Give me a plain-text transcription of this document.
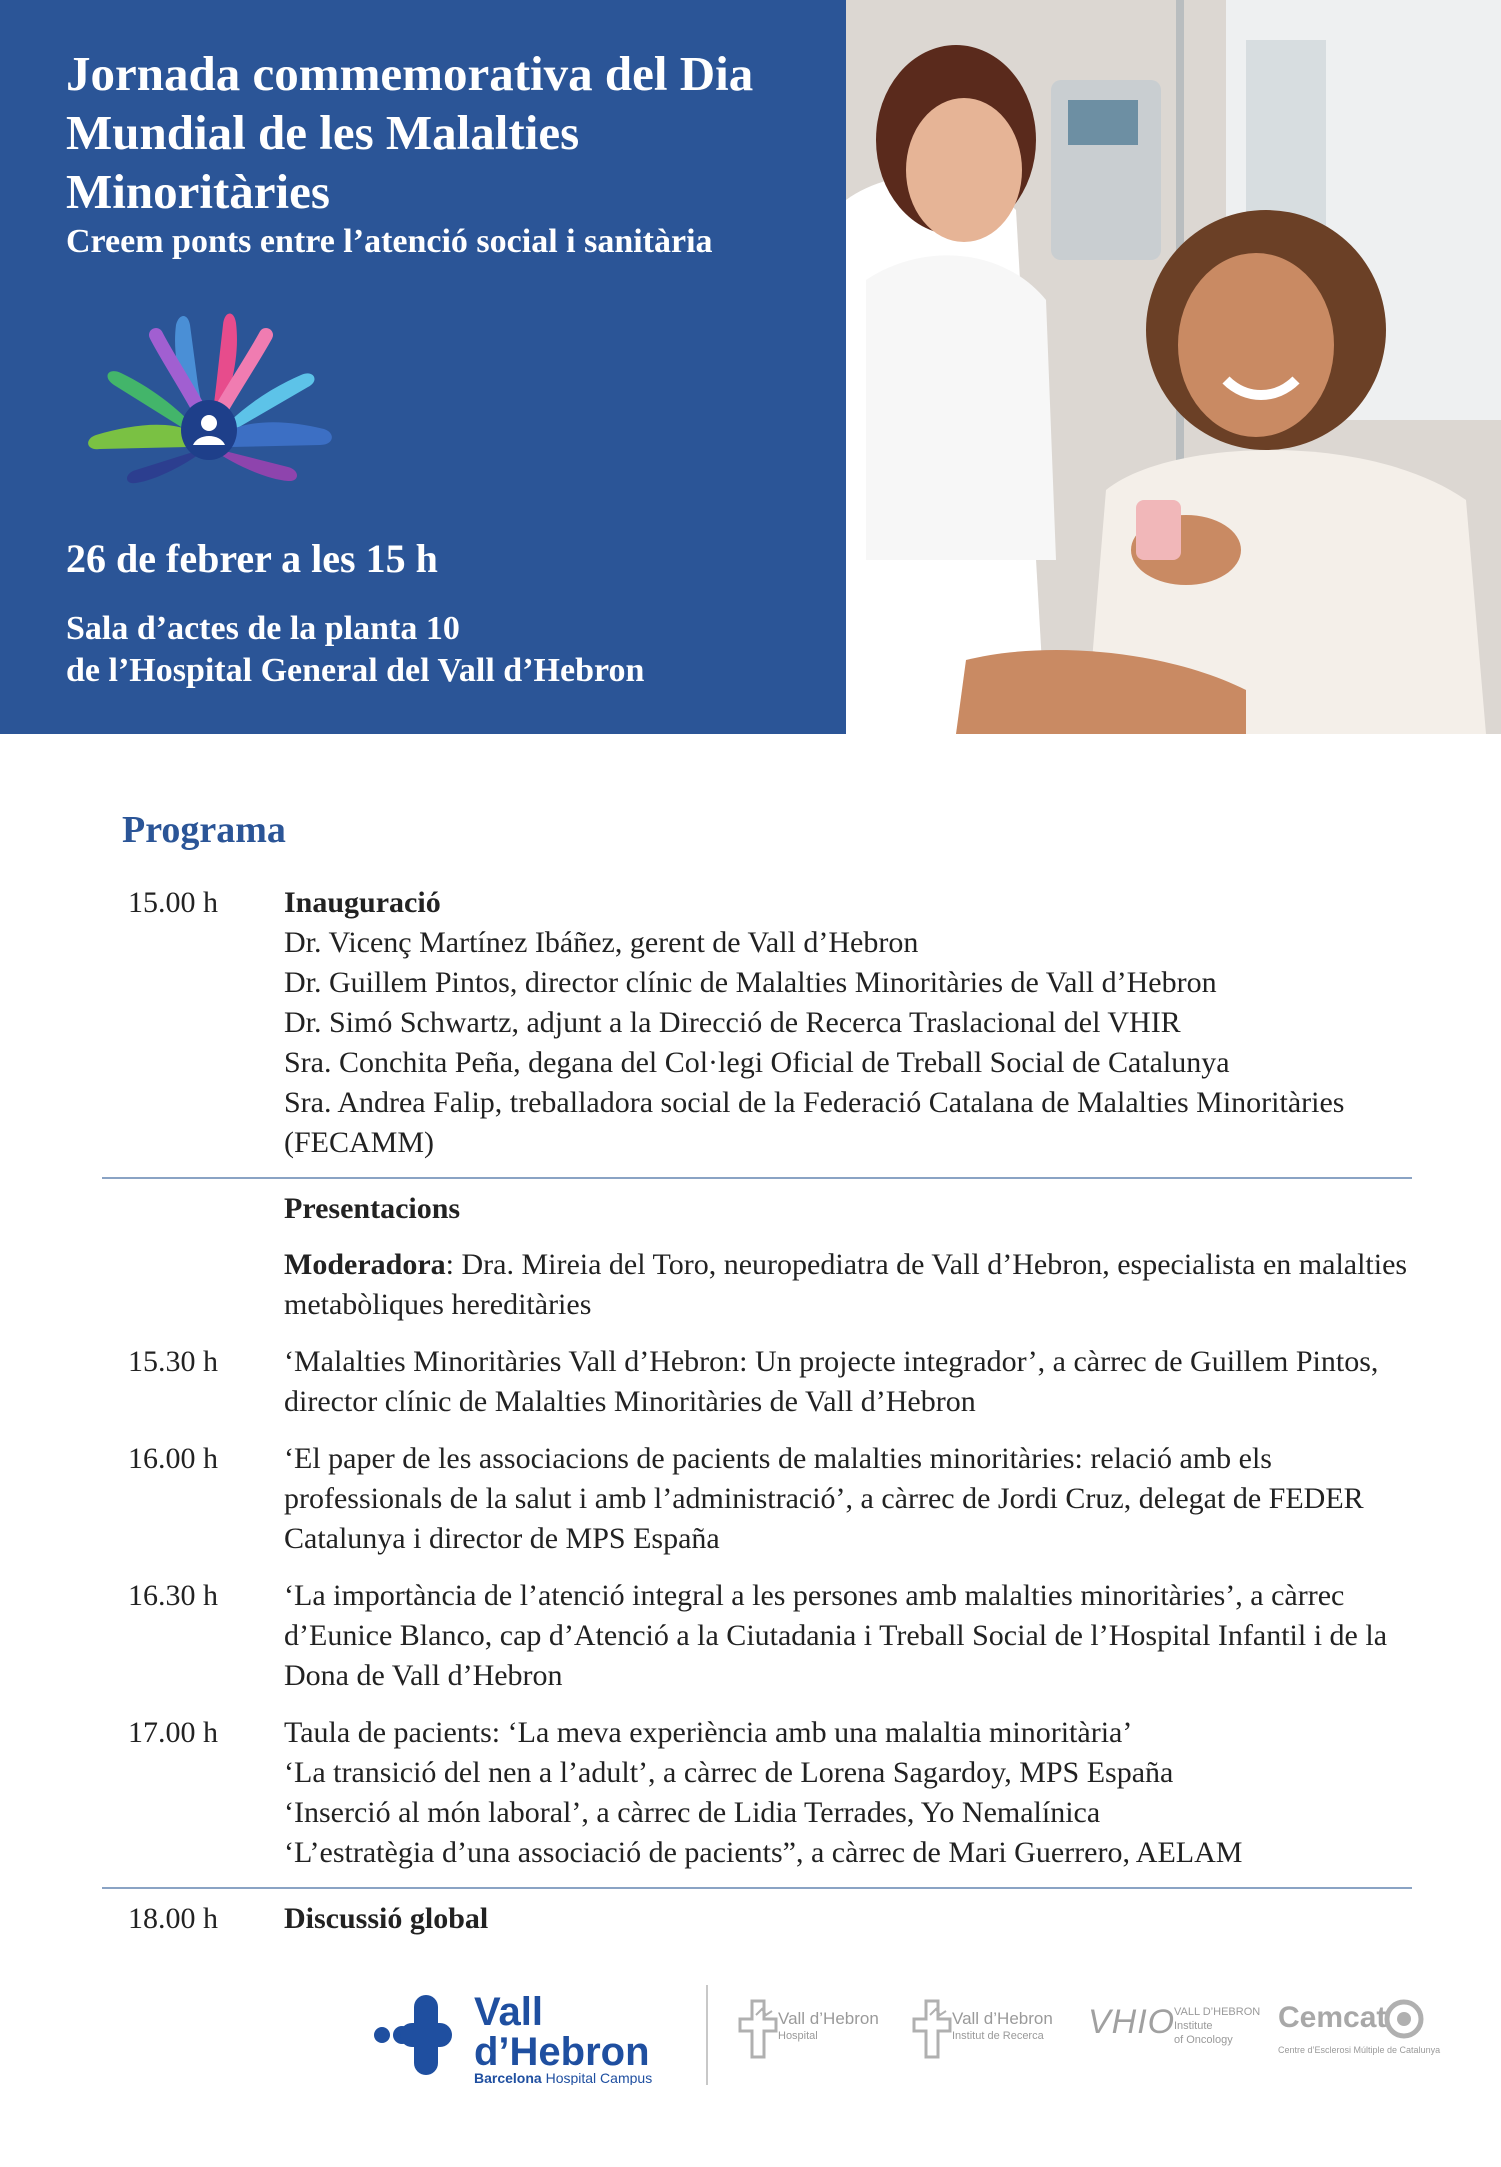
Jornada commemorativa del Dia Mundial de les Malalties Minoritàries
Creem ponts entre l’atenció social i sanitària
26 de febrer a les 15 h
Sala d’actes de la planta 10
de l’Hospital General del Vall d’Hebron
Programa
15.00 h	Inauguració
Dr. Vicenç Martínez Ibáñez, gerent de Vall d’Hebron
Dr. Guillem Pintos, director clínic de Malalties Minoritàries de Vall d’Hebron
Dr. Simó Schwartz, adjunt a la Direcció de Recerca Traslacional del VHIR
Sra. Conchita Peña, degana del Col·legi Oficial de Treball Social de Catalunya
Sra. Andrea Falip, treballadora social de la Federació Catalana de Malalties Minoritàries (FECAMM)
Presentacions
Moderadora: Dra. Mireia del Toro, neuropediatra de Vall d’Hebron, especialista en malalties metabòliques hereditàries
15.30 h	‘Malalties Minoritàries Vall d’Hebron: Un projecte integrador’, a càrrec de Guillem Pintos, director clínic de Malalties Minoritàries de Vall d’Hebron
16.00 h	‘El paper de les associacions de pacients de malalties minoritàries: relació amb els professionals de la salut i amb l’administració’, a càrrec de Jordi Cruz, delegat de FEDER Catalunya i director de MPS España
16.30 h	‘La importància de l’atenció integral a les persones amb malalties minoritàries’, a càrrec d’Eunice Blanco, cap d’Atenció a la Ciutadania i Treball Social de l’Hospital Infantil i de la Dona de Vall d’Hebron
17.00 h	Taula de pacients: ‘La meva experiència amb una malaltia minoritària’
‘La transició del nen a l’adult’, a càrrec de Lorena Sagardoy, MPS España
‘Inserció al món laboral’, a càrrec de Lidia Terrades, Yo Nemalínica
‘L’estratègia d’una associació de pacients”, a càrrec de Mari Guerrero, AELAM
18.00 h	Discussió global
Vall
d’Hebron
Barcelona Hospital Campus
Vall d’Hebron
Hospital
Vall d’Hebron
Institut de Recerca	VHIO
VALL D’HEBRON
Institute
of Oncology
Cemcat
Centre d’Esclerosi Múltiple de Catalunya
